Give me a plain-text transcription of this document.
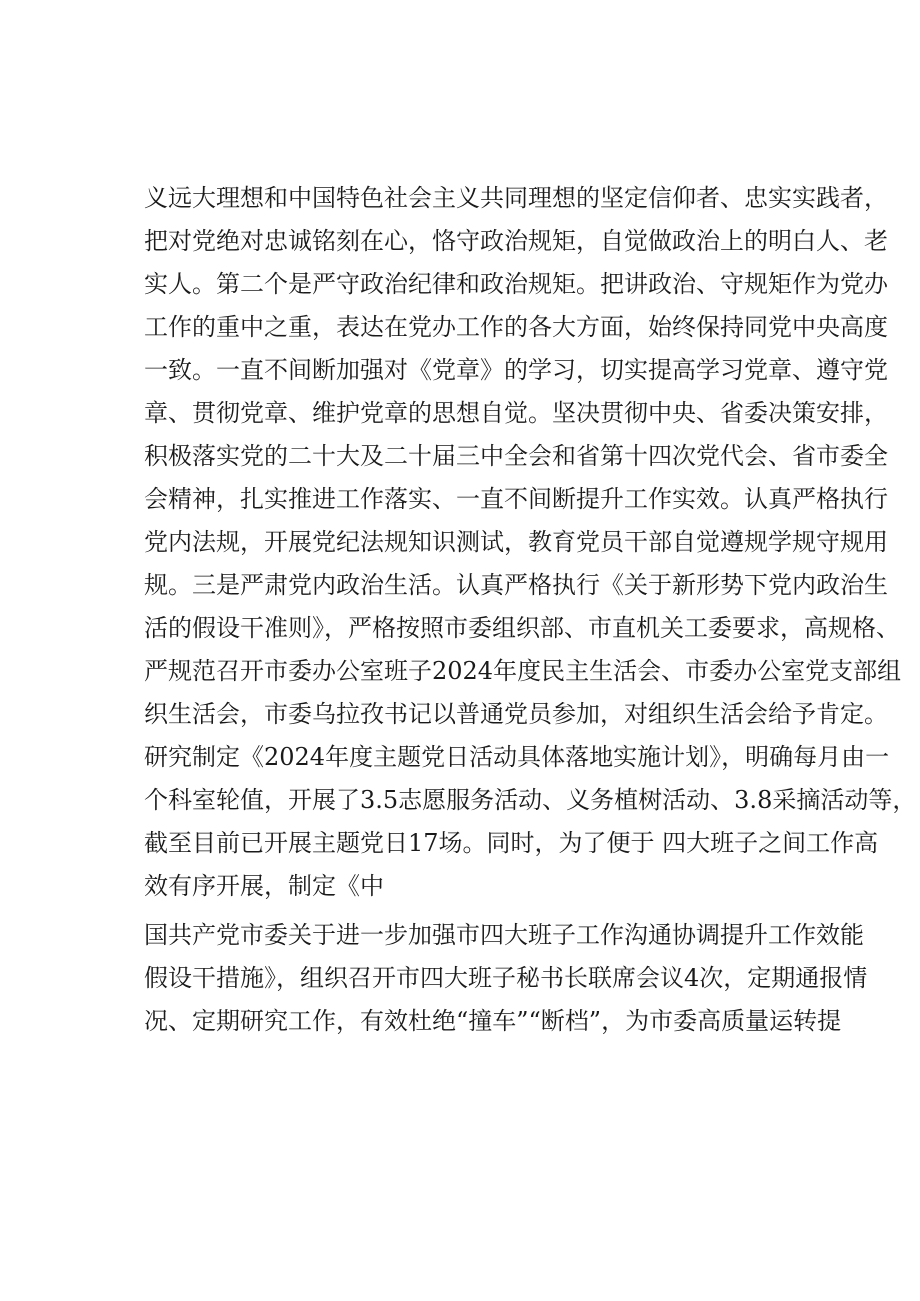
义远大理想和中国特色社会主义共同理想的坚定信仰者、忠实实践者，
把对党绝对忠诚铭刻在心，恪守政治规矩，自觉做政治上的明白人、老
实人。第二个是严守政治纪律和政治规矩。把讲政治、守规矩作为党办
工作的重中之重，表达在党办工作的各大方面，始终保持同党中央高度
一致。一直不间断加强对《党章》的学习，切实提高学习党章、遵守党
章、贯彻党章、维护党章的思想自觉。坚决贯彻中央、省委决策安排，
积极落实党的二十大及二十届三中全会和省第十四次党代会、省市委全
会精神，扎实推进工作落实、一直不间断提升工作实效。认真严格执行
党内法规，开展党纪法规知识测试，教育党员干部自觉遵规学规守规用
规。三是严肃党内政治生活。认真严格执行《关于新形势下党内政治生
活的假设干准则》，严格按照市委组织部、市直机关工委要求，高规格、
严规范召开市委办公室班子2024年度民主生活会、市委办公室党支部组
织生活会，市委乌拉孜书记以普通党员参加，对组织生活会给予肯定。
研究制定《2024年度主题党日活动具体落地实施计划》，明确每月由一
个科室轮值，开展了3.5志愿服务活动、义务植树活动、3.8采摘活动等，
截至目前已开展主题党日17场。同时，为了便于 四大班子之间工作高
效有序开展，制定《中
国共产党市委关于进一步加强市四大班子工作沟通协调提升工作效能
假设干措施》，组织召开市四大班子秘书长联席会议4次，定期通报情
况、定期研究工作，有效杜绝“撞车”“断档”，为市委高质量运转提
